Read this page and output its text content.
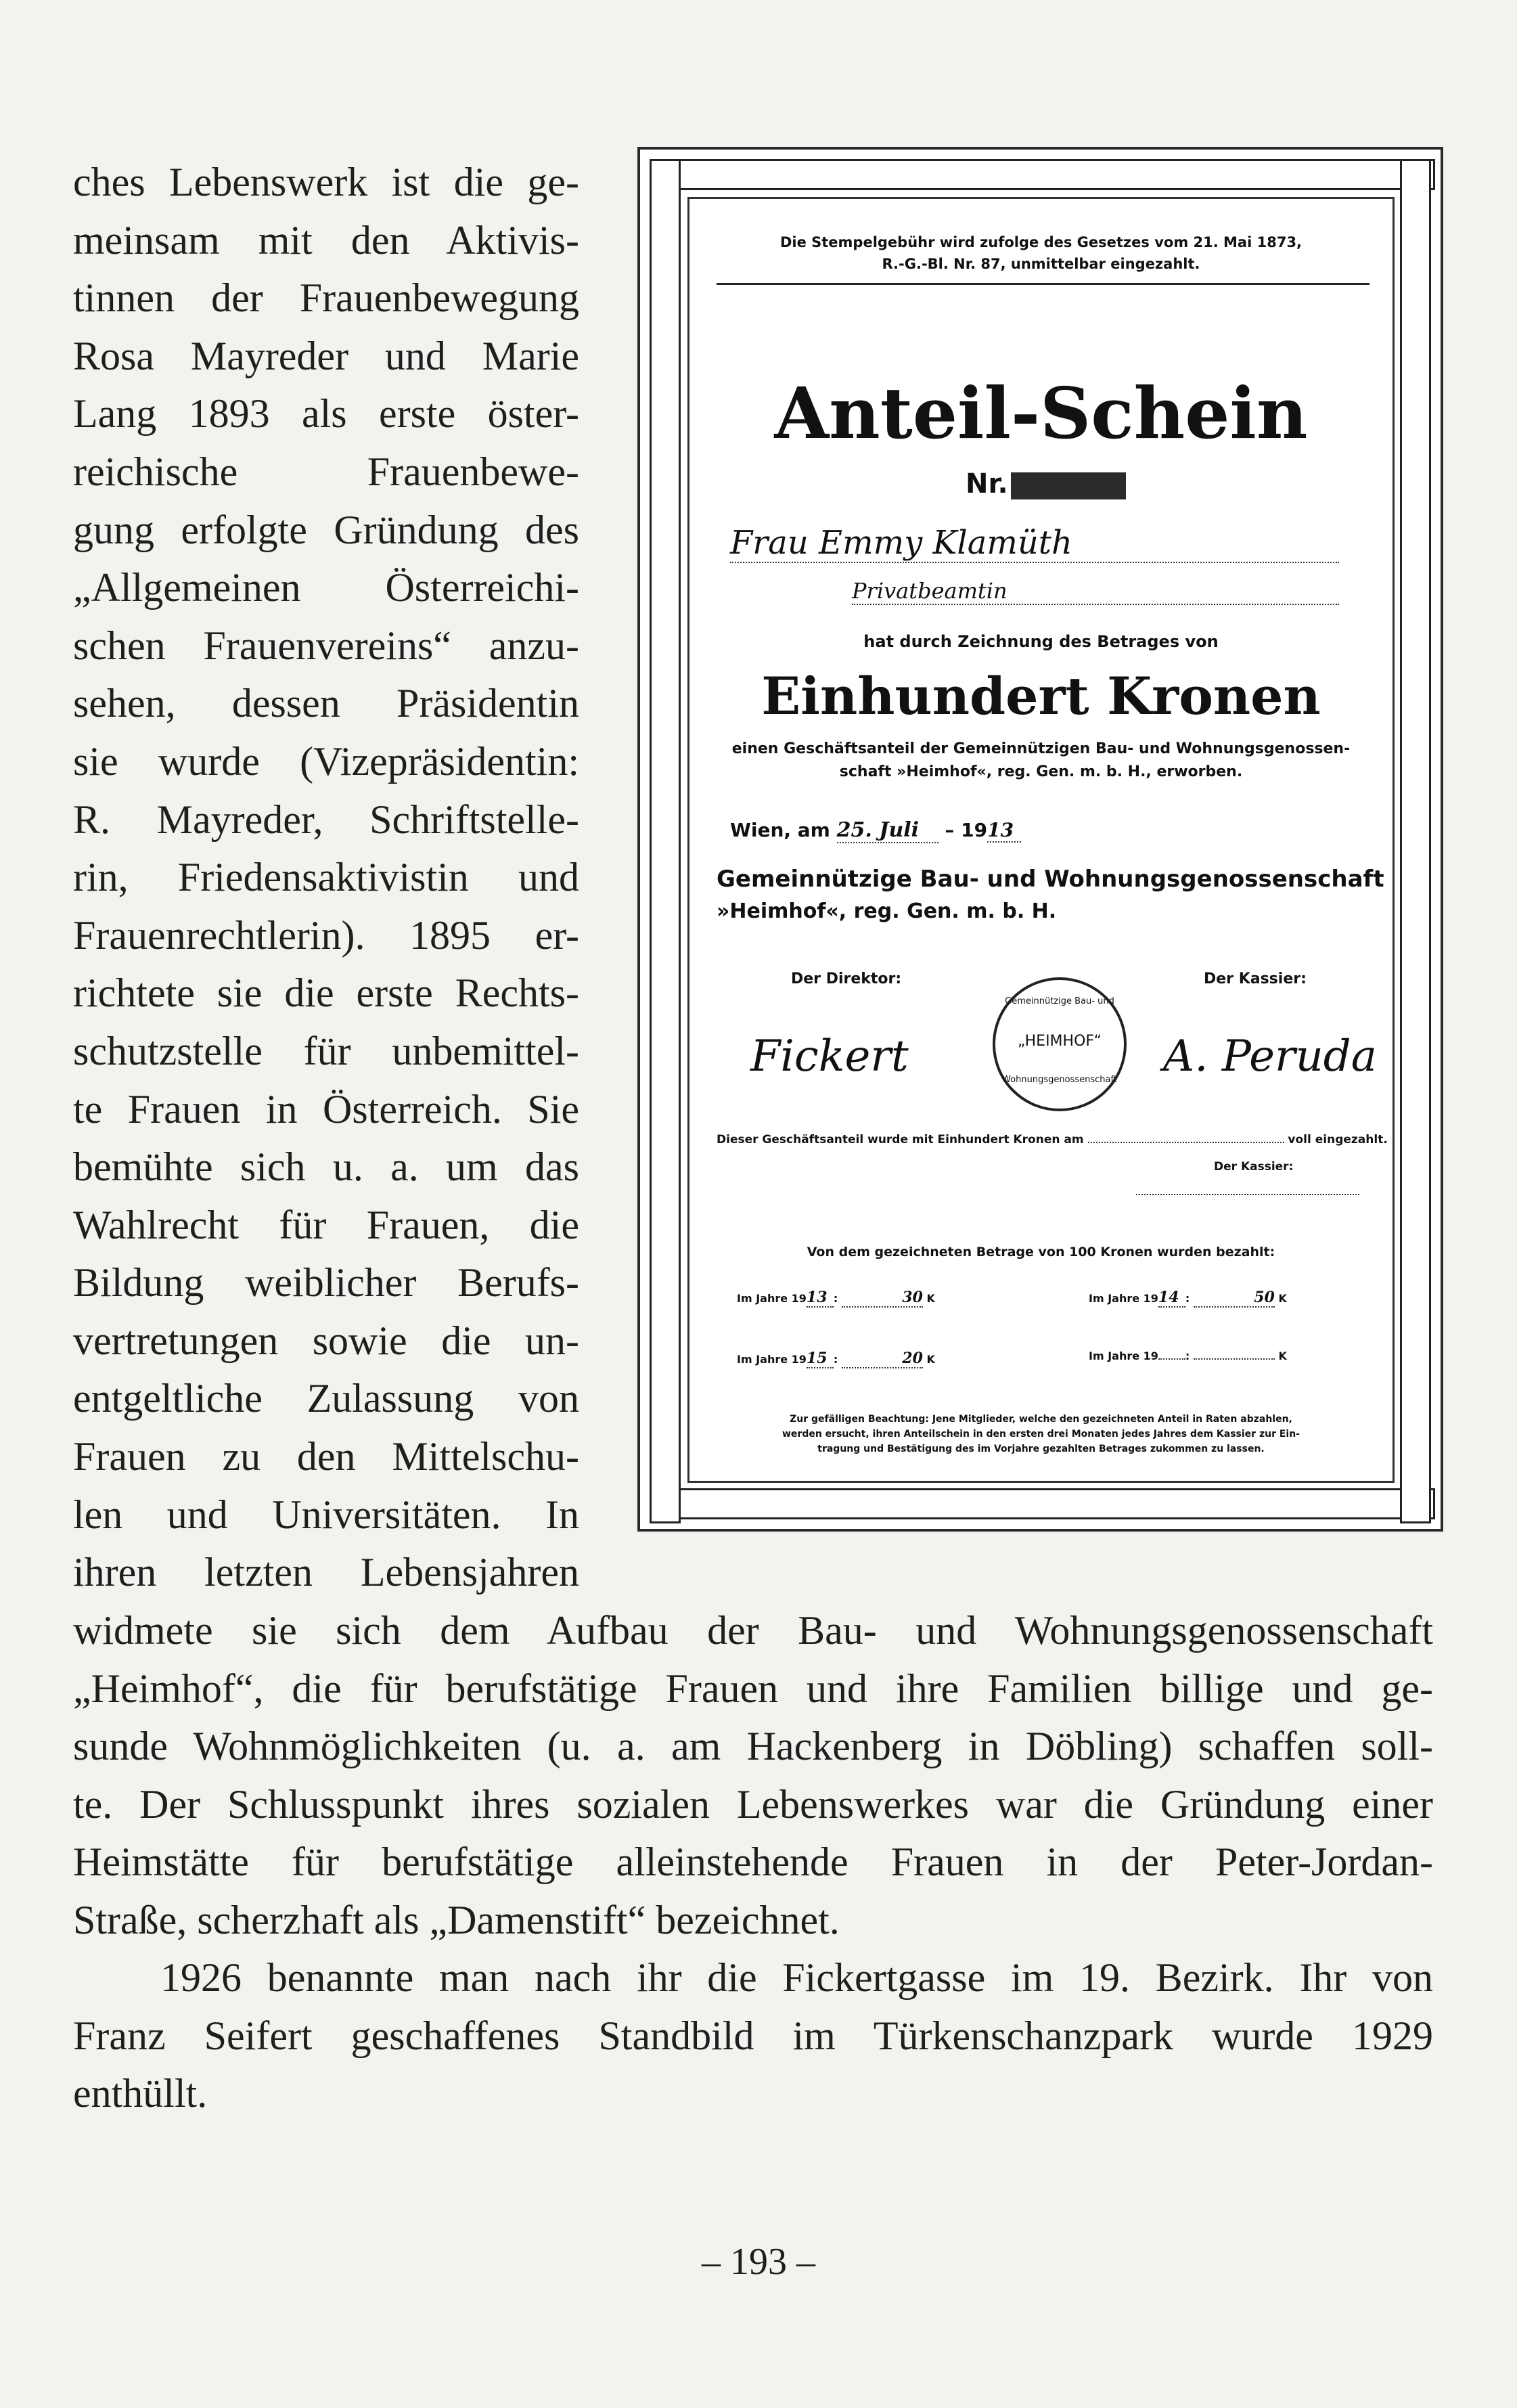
ches Lebenswerk ist die ge-
meinsam mit den Aktivis-
tinnen der Frauenbewegung
Rosa Mayreder und Marie
Lang 1893 als erste öster-
reichische Frauenbewe-
gung erfolgte Gründung des
„Allgemeinen Österreichi-
schen Frauenvereins“ anzu-
sehen, dessen Präsidentin
sie wurde (Vizepräsidentin:
R. Mayreder, Schriftstelle-
rin, Friedensaktivistin und
Frauenrechtlerin). 1895 er-
richtete sie die erste Rechts-
schutzstelle für unbemittel-
te Frauen in Österreich. Sie
bemühte sich u. a. um das
Wahlrecht für Frauen, die
Bildung weiblicher Berufs-
vertretungen sowie die un-
entgeltliche Zulassung von
Frauen zu den Mittelschu-
len und Universitäten. In
ihren letzten Lebensjahren
widmete sie sich dem Aufbau der Bau- und Wohnungsgenossenschaft
„Heimhof“, die für berufstätige Frauen und ihre Familien billige und ge-
sunde Wohnmöglichkeiten (u. a. am Hackenberg in Döbling) schaffen soll-
te. Der Schlusspunkt ihres sozialen Lebenswerkes war die Gründung einer
Heimstätte für berufstätige alleinstehende Frauen in der Peter-Jordan-
Straße, scherzhaft als „Damenstift“ bezeichnet.
1926 benannte man nach ihr die Fickertgasse im 19. Bezirk. Ihr von
Franz Seifert geschaffenes Standbild im Türkenschanzpark wurde 1929
enthüllt.
– 193 –
Die Stempelgebühr wird zufolge des Gesetzes vom 21. Mai 1873,
R.-G.-Bl. Nr. 87, unmittelbar eingezahlt.
Anteil-Schein
Nr.
Frau Emmy Klamüth
Privatbeamtin
hat durch Zeichnung des Betrages von
Einhundert Kronen
einen Geschäftsanteil der Gemeinnützigen Bau- und Wohnungsgenossen-
schaft »Heimhof«, reg. Gen. m. b. H., erworben.
Wien, am 25. Juli – 1913
Gemeinnützige Bau- und Wohnungsgenossenschaft
»Heimhof«, reg. Gen. m. b. H.
Der Direktor:	Der Kassier:
Fickert	A. Peruda
Gemeinnützige Bau- und
„HEIMHOF“
Wohnungsgenossenschaft
Dieser Geschäftsanteil wurde mit Einhundert Kronen am	voll eingezahlt.
Der Kassier:
Von dem gezeichneten Betrage von 100 Kronen wurden bezahlt:
Im Jahre 1913 :	30 K	Im Jahre 1914 :	50 K
Im Jahre 1915 :	20 K	Im Jahre 19	:	K
Zur gefälligen Beachtung: Jene Mitglieder, welche den gezeichneten Anteil in Raten abzahlen,
werden ersucht, ihren Anteilschein in den ersten drei Monaten jedes Jahres dem Kassier zur Ein-
tragung und Bestätigung des im Vorjahre gezahlten Betrages zukommen zu lassen.
